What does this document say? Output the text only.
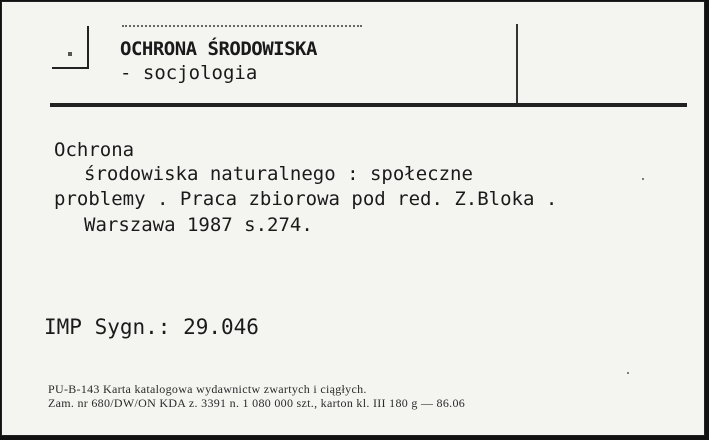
OCHRONA ŚRODOWISKA
- socjologia
Ochrona
środowiska naturalnego : społeczne
problemy . Praca zbiorowa pod red. Z.Bloka .
Warszawa 1987 s.274.
IMP Sygn.: 29.046
PU-B-143 Karta katalogowa wydawnictw zwartych i ciągłych.
Zam. nr 680/DW/ON KDA z. 3391 n. 1 080 000 szt., karton kl. III 180 g — 86.06
